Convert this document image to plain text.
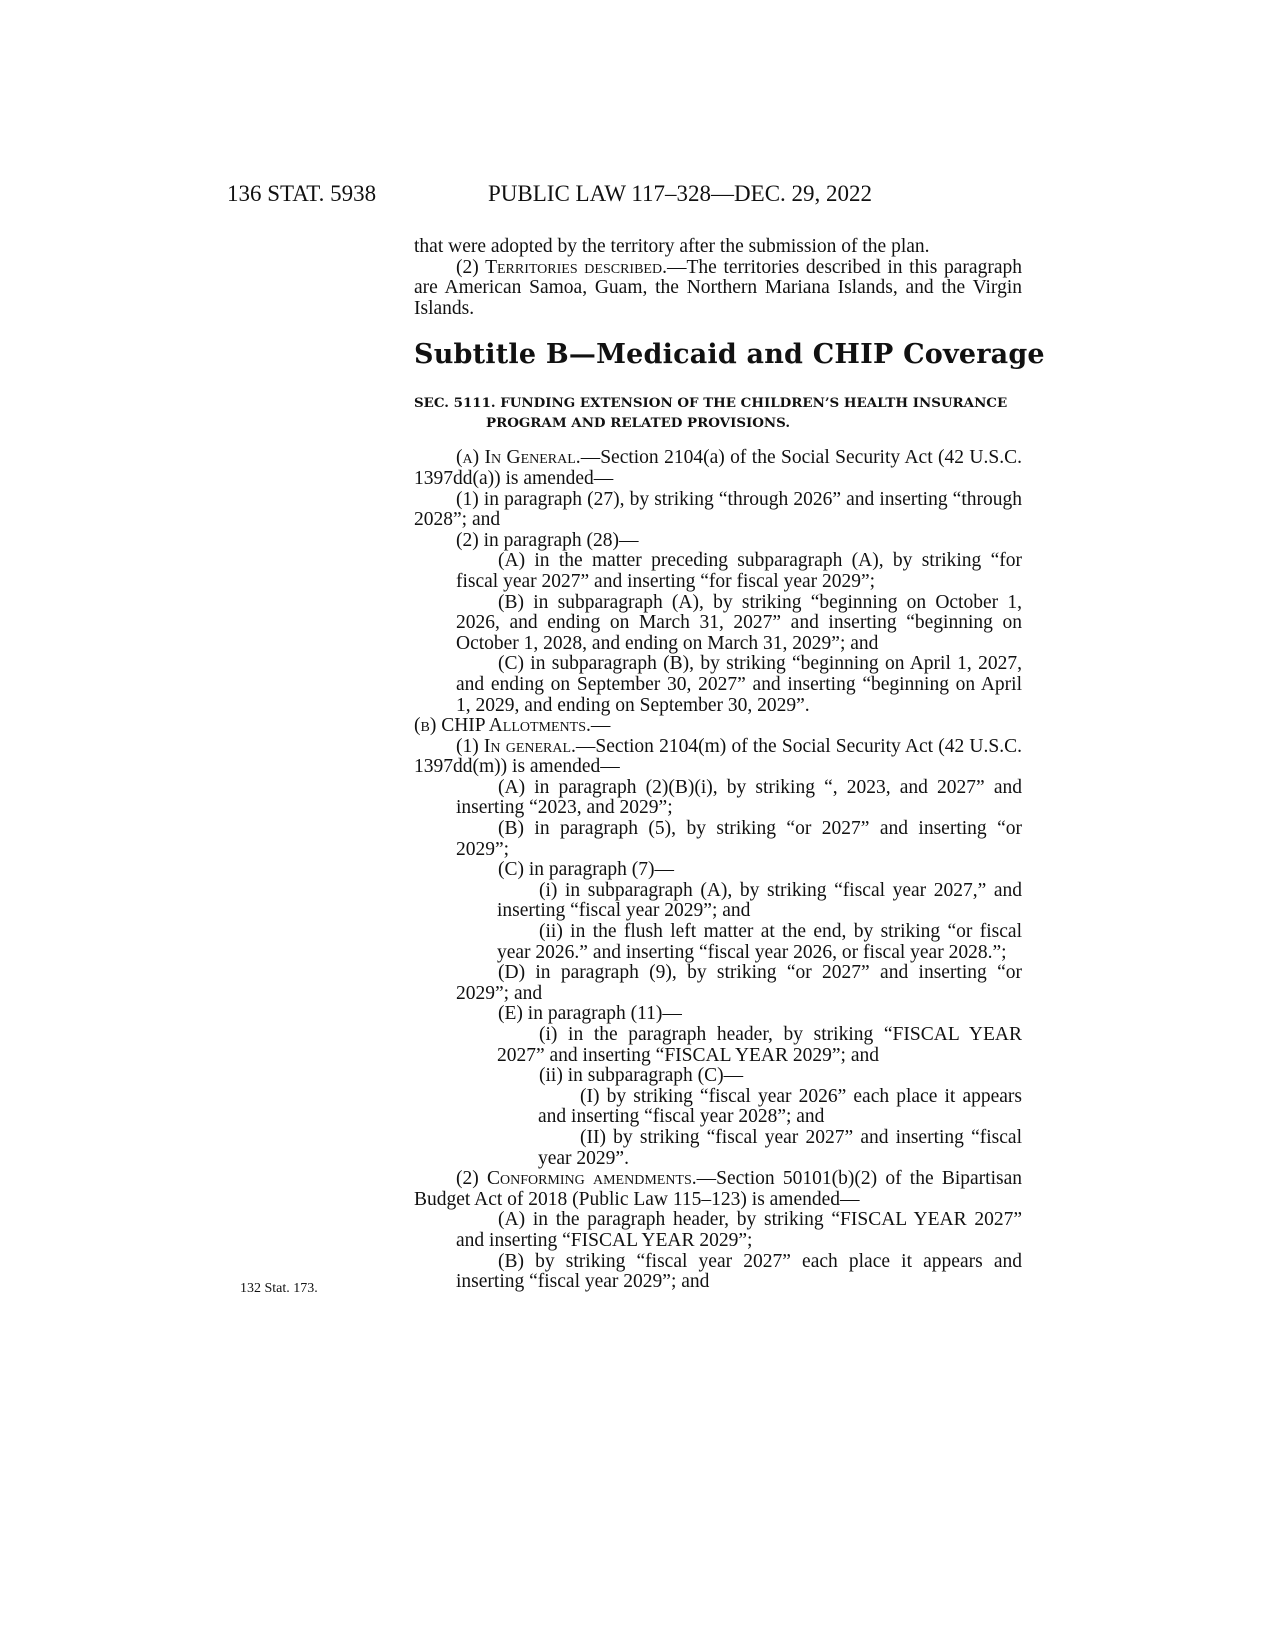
136 STAT. 5938	PUBLIC LAW 117–328—DEC. 29, 2022
132 Stat. 173.

that were adopted by the territory after the submission of the plan.

(2) Territories described.—The territories described in this paragraph are American Samoa, Guam, the Northern Mariana Islands, and the Virgin Islands.

Subtitle B—Medicaid and CHIP Coverage

SEC. 5111. FUNDING EXTENSION OF THE CHILDREN’S HEALTH INSURANCE PROGRAM AND RELATED PROVISIONS.

(a) In General.—Section 2104(a) of the Social Security Act (42 U.S.C. 1397dd(a)) is amended—

(1) in paragraph (27), by striking “through 2026” and inserting “through 2028”; and

(2) in paragraph (28)—

(A) in the matter preceding subparagraph (A), by striking “for fiscal year 2027” and inserting “for fiscal year 2029”;

(B) in subparagraph (A), by striking “beginning on October 1, 2026, and ending on March 31, 2027” and inserting “beginning on October 1, 2028, and ending on March 31, 2029”; and

(C) in subparagraph (B), by striking “beginning on April 1, 2027, and ending on September 30, 2027” and inserting “beginning on April 1, 2029, and ending on September 30, 2029”.

(b) CHIP Allotments.—

(1) In general.—Section 2104(m) of the Social Security Act (42 U.S.C. 1397dd(m)) is amended—

(A) in paragraph (2)(B)(i), by striking “, 2023, and 2027” and inserting “2023, and 2029”;

(B) in paragraph (5), by striking “or 2027” and inserting “or 2029”;

(C) in paragraph (7)—

(i) in subparagraph (A), by striking “fiscal year 2027,” and inserting “fiscal year 2029”; and

(ii) in the flush left matter at the end, by striking “or fiscal year 2026.” and inserting “fiscal year 2026, or fiscal year 2028.”;

(D) in paragraph (9), by striking “or 2027” and inserting “or 2029”; and

(E) in paragraph (11)—

(i) in the paragraph header, by striking “FISCAL YEAR 2027” and inserting “FISCAL YEAR 2029”; and

(ii) in subparagraph (C)—

(I) by striking “fiscal year 2026” each place it appears and inserting “fiscal year 2028”; and

(II) by striking “fiscal year 2027” and inserting “fiscal year 2029”.

(2) Conforming amendments.—Section 50101(b)(2) of the Bipartisan Budget Act of 2018 (Public Law 115–123) is amended—

(A) in the paragraph header, by striking “FISCAL YEAR 2027” and inserting “FISCAL YEAR 2029”;

(B) by striking “fiscal year 2027” each place it appears and inserting “fiscal year 2029”; and
